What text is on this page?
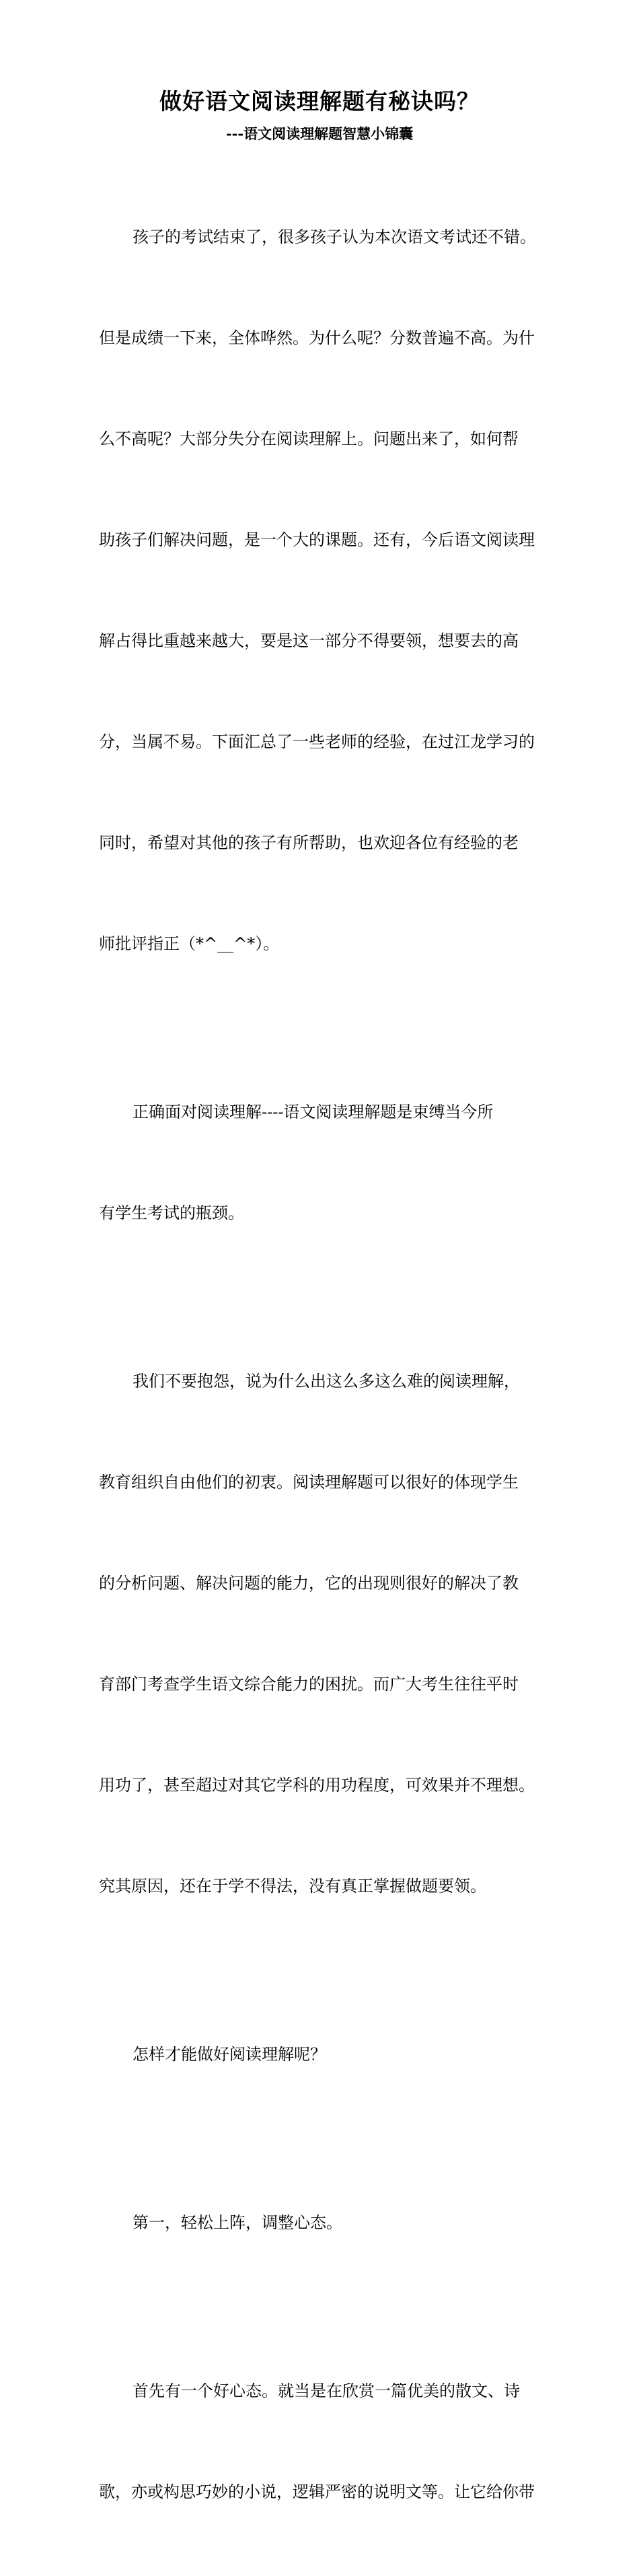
做好语文阅读理解题有秘诀吗？
---语文阅读理解题智慧小锦囊

孩子的考试结束了，很多孩子认为本次语文考试还不错。

但是成绩一下来，全体哗然。为什么呢？分数普遍不高。为什

么不高呢？大部分失分在阅读理解上。问题出来了，如何帮

助孩子们解决问题，是一个大的课题。还有，今后语文阅读理

解占得比重越来越大，要是这一部分不得要领，想要去的高

分，当属不易。下面汇总了一些老师的经验，在过江龙学习的

同时，希望对其他的孩子有所帮助，也欢迎各位有经验的老

师批评指正（*^__^*）。

正确面对阅读理解----语文阅读理解题是束缚当今所

有学生考试的瓶颈。

我们不要抱怨，说为什么出这么多这么难的阅读理解，

教育组织自由他们的初衷。阅读理解题可以很好的体现学生

的分析问题、解决问题的能力，它的出现则很好的解决了教

育部门考查学生语文综合能力的困扰。而广大考生往往平时

用功了，甚至超过对其它学科的用功程度，可效果并不理想。

究其原因，还在于学不得法，没有真正掌握做题要领。

怎样才能做好阅读理解呢？

第一，轻松上阵，调整心态。

首先有一个好心态。就当是在欣赏一篇优美的散文、诗

歌，亦或构思巧妙的小说，逻辑严密的说明文等。让它给你带
